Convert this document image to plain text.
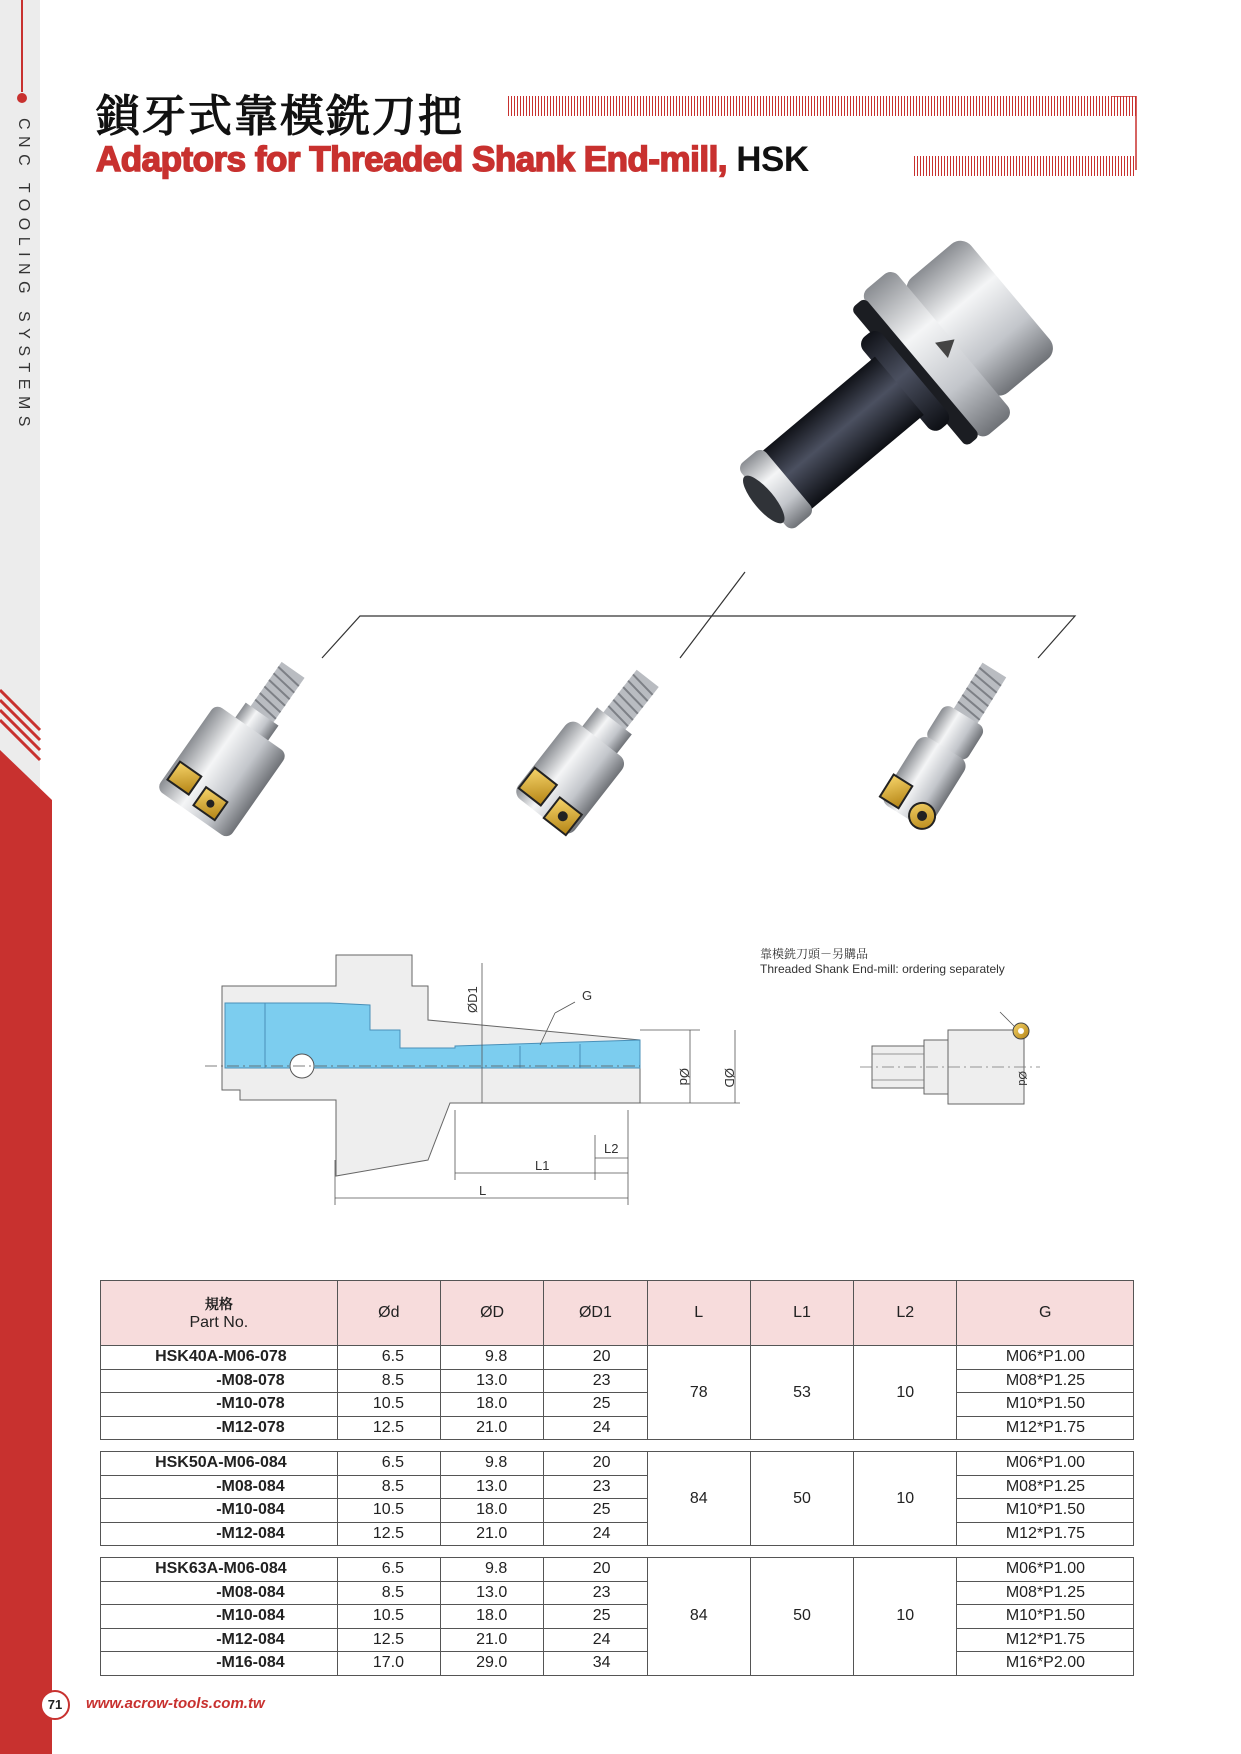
CNC TOOLING SYSTEMS
鎖牙式靠模銑刀把
Adaptors for Threaded Shank End-mill, HSK
ØD1	G
Ød ØD
L
L1
L2
Ød
靠模銑刀頭－另購品
Threaded Shank End-mill: ordering separately
規格
Part No.	Ød	ØD	ØD1	L	L1	L2	G
HSK40A-M06-078	6.5	9.8	20	78	53	10	M06*P1.00
-M08-078	8.5	13.0	23				M08*P1.25
-M10-078	10.5	18.0	25				M10*P1.50
-M12-078	12.5	21.0	24				M12*P1.75

HSK50A-M06-084	6.5	9.8	20	84	50	10	M06*P1.00
-M08-084	8.5	13.0	23				M08*P1.25
-M10-084	10.5	18.0	25				M10*P1.50
-M12-084	12.5	21.0	24				M12*P1.75

HSK63A-M06-084	6.5	9.8	20	84	50	10	M06*P1.00
-M08-084	8.5	13.0	23				M08*P1.25
-M10-084	10.5	18.0	25				M10*P1.50
-M12-084	12.5	21.0	24				M12*P1.75
-M16-084	17.0	29.0	34				M16*P2.00
71	www.acrow-tools.com.tw
